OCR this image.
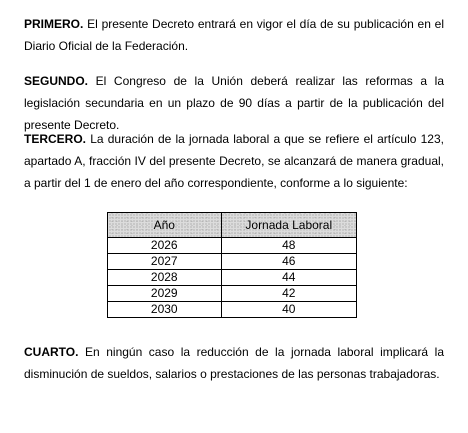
PRIMERO. El presente Decreto entrará en vigor el día de su publicación en el Diario Oficial de la Federación.
SEGUNDO. El Congreso de la Unión deberá realizar las reformas a la legislación secundaria en un plazo de 90 días a partir de la publicación del presente Decreto.
TERCERO. La duración de la jornada laboral a que se refiere el artículo 123, apartado A, fracción IV del presente Decreto, se alcanzará de manera gradual, a partir del 1 de enero del año correspondiente, conforme a lo siguiente:
Año	Jornada Laboral
2026	48
2027	46
2028	44
2029	42
2030	40
CUARTO. En ningún caso la reducción de la jornada laboral implicará la disminución de sueldos, salarios o prestaciones de las personas trabajadoras.
